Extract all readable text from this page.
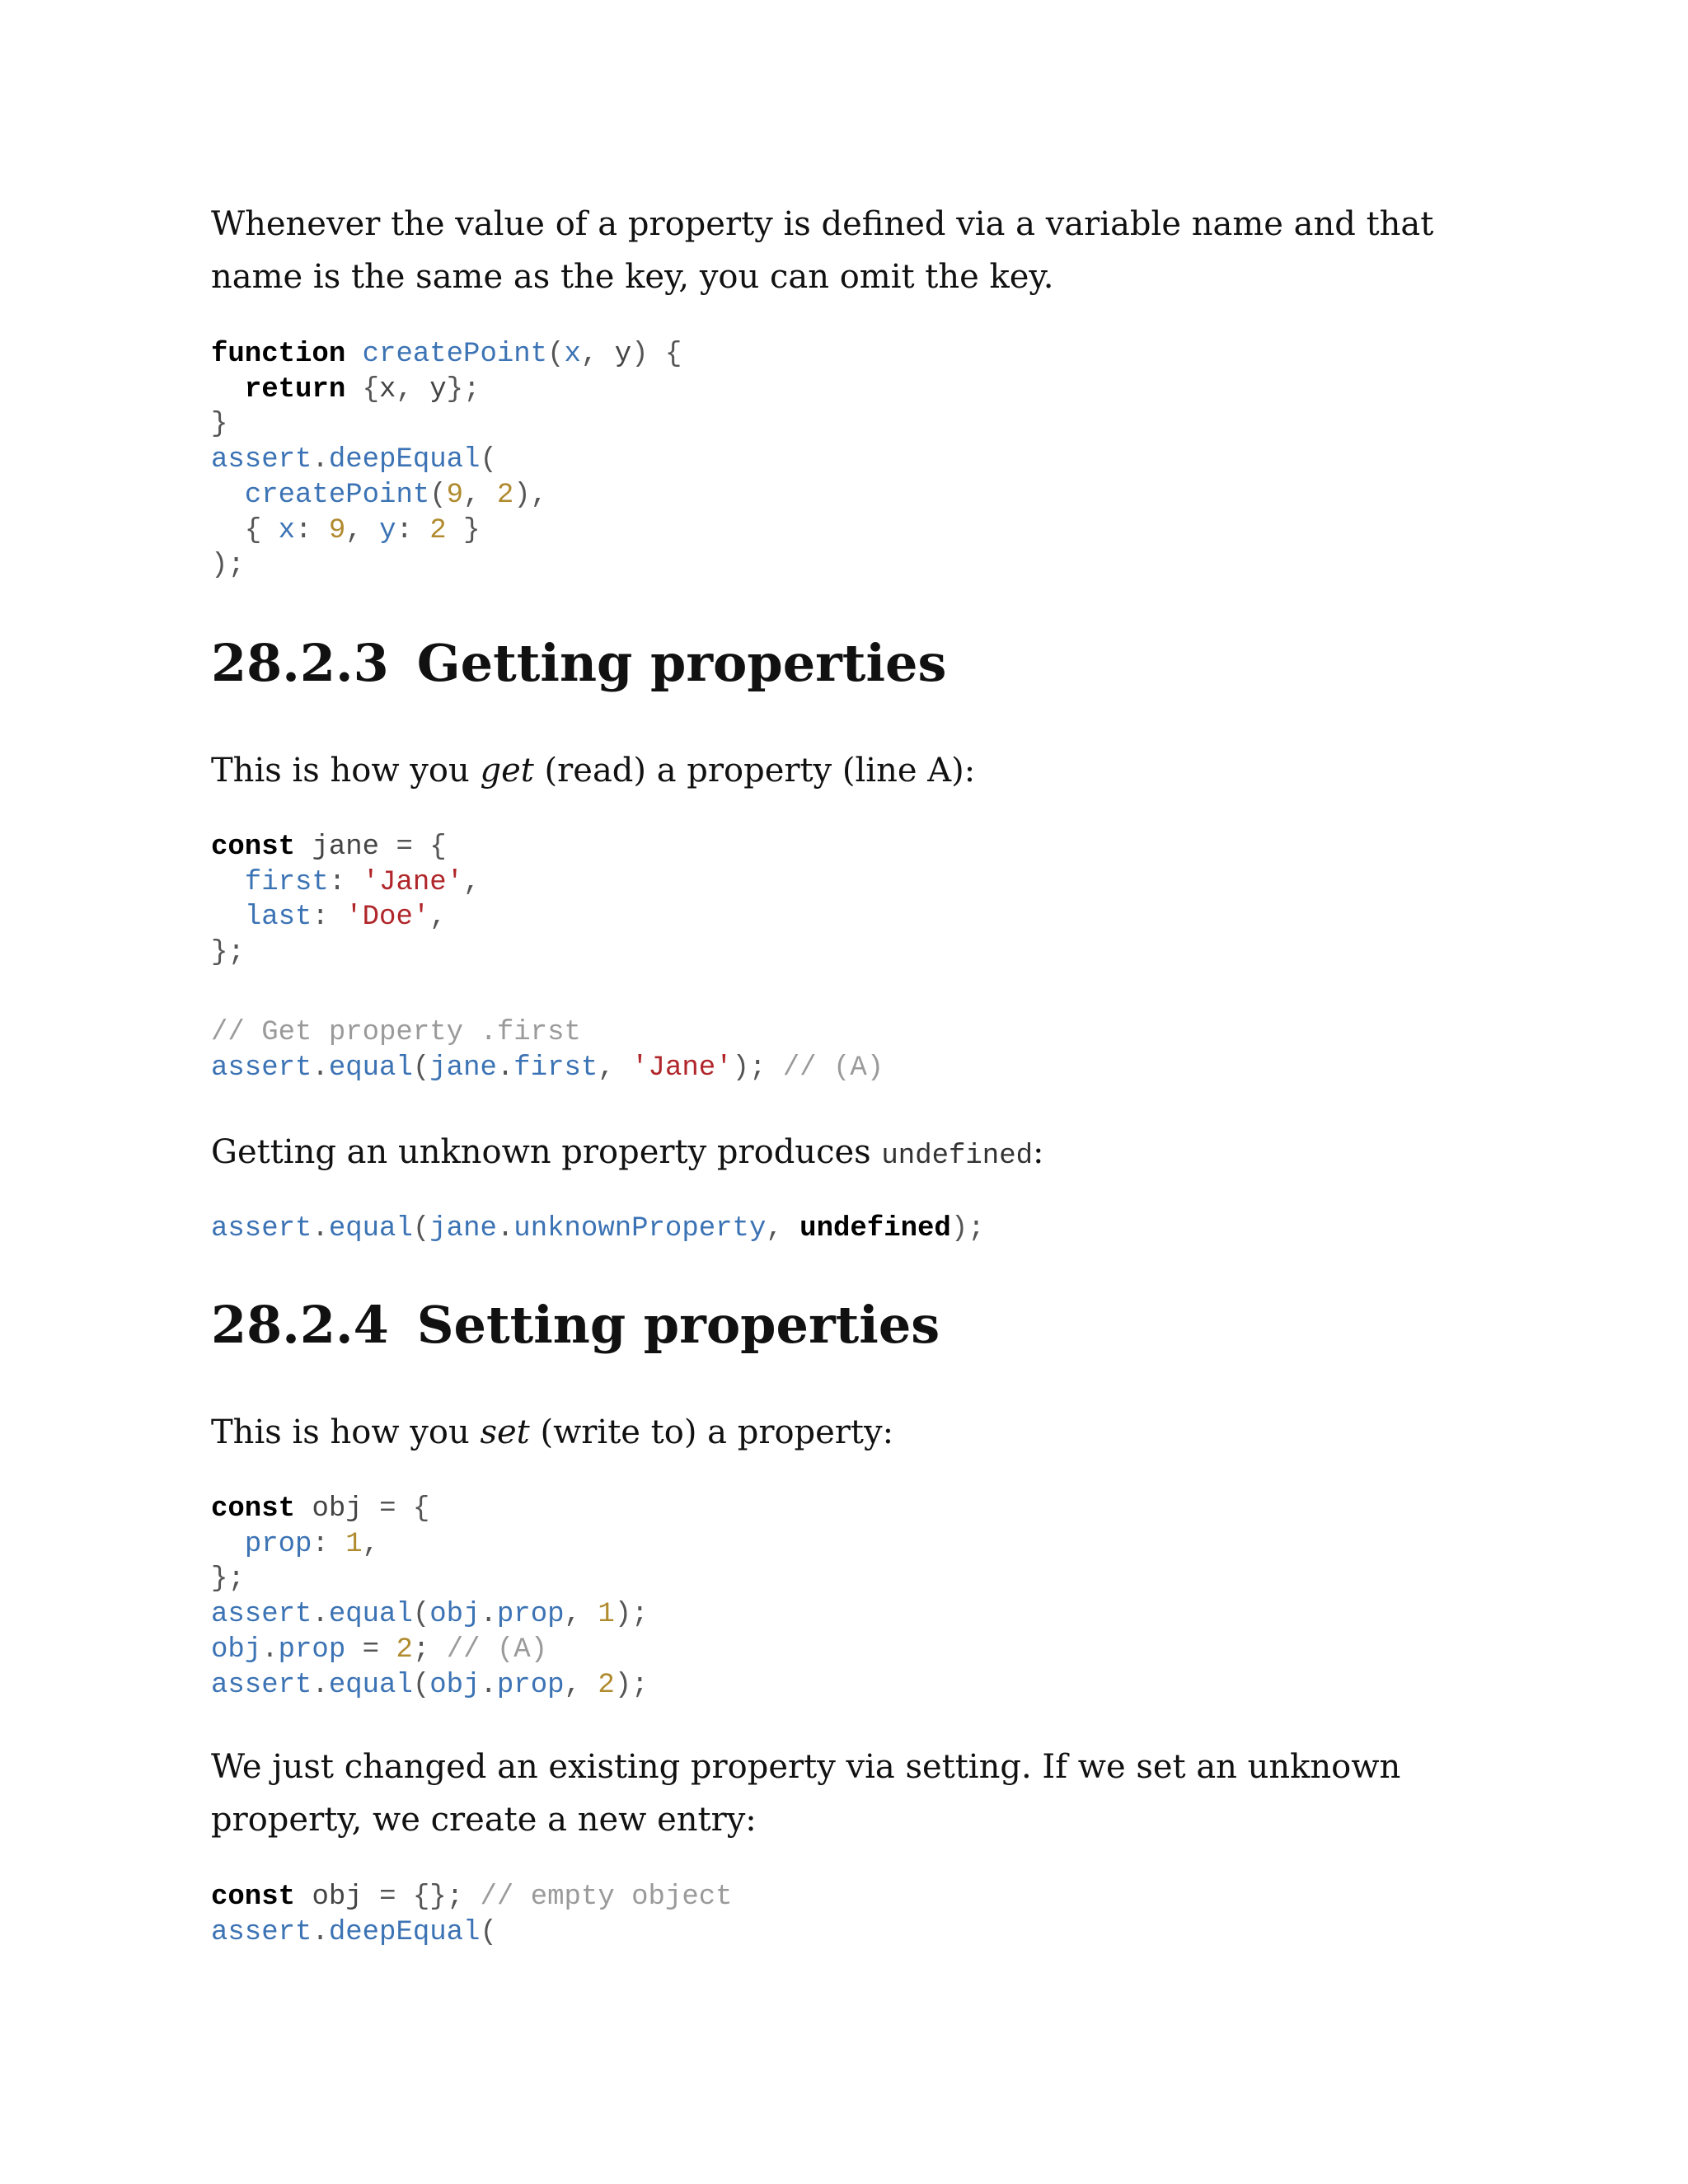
Whenever the value of a property is defined via a variable name and that name is the same as the key, you can omit the key.

function createPoint(x, y) {
return {x, y};
}
assert.deepEqual(
createPoint(9, 2),
{ x: 9, y: 2 }
);
28.2.3 Getting properties

This is how you get (read) a property (line A):

const jane = {
first: 'Jane',
last: 'Doe',
};
// Get property .first
assert.equal(jane.first, 'Jane'); // (A)

Getting an unknown property produces undefined:

assert.equal(jane.unknownProperty, undefined);
28.2.4 Setting properties

This is how you set (write to) a property:

const obj = {
prop: 1,
};
assert.equal(obj.prop, 1);
obj.prop = 2; // (A)
assert.equal(obj.prop, 2);

We just changed an existing property via setting. If we set an unknown property, we create a new entry:

const obj = {}; // empty object
assert.deepEqual(
